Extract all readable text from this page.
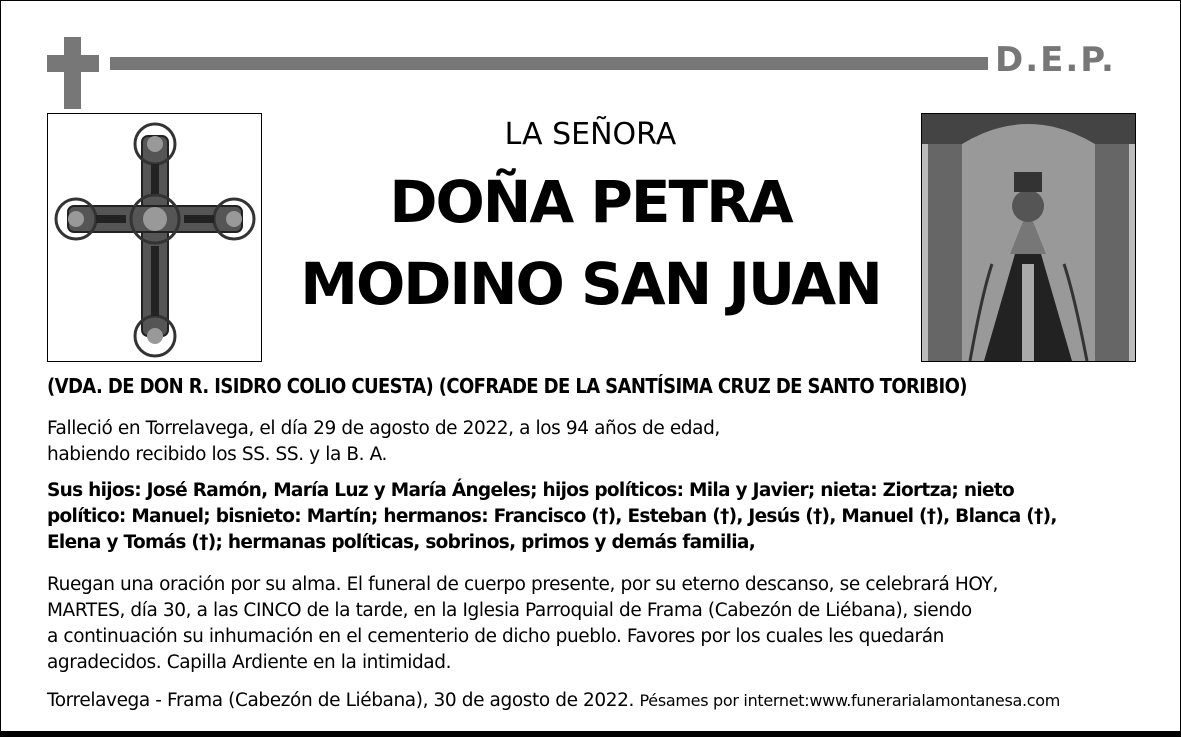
D.E.P.
LA SEÑORA
DOÑA PETRA
MODINO SAN JUAN
(VDA. DE DON R. ISIDRO COLIO CUESTA) (COFRADE DE LA SANTÍSIMA CRUZ DE SANTO TORIBIO)
Falleció en Torrelavega, el día 29 de agosto de 2022, a los 94 años de edad,
habiendo recibido los SS. SS. y la B. A.
Sus hijos: José Ramón, María Luz y María Ángeles; hijos políticos: Mila y Javier; nieta: Ziortza; nieto
político: Manuel; bisnieto: Martín; hermanos: Francisco (†), Esteban (†), Jesús (†), Manuel (†), Blanca (†),
Elena y Tomás (†); hermanas políticas, sobrinos, primos y demás familia,
Ruegan una oración por su alma. El funeral de cuerpo presente, por su eterno descanso, se celebrará HOY,
MARTES, día 30, a las CINCO de la tarde, en la Iglesia Parroquial de Frama (Cabezón de Liébana), siendo
a continuación su inhumación en el cementerio de dicho pueblo. Favores por los cuales les quedarán
agradecidos. Capilla Ardiente en la intimidad.
Torrelavega - Frama (Cabezón de Liébana), 30 de agosto de 2022. Pésames por internet:www.funerarialamontanesa.com
